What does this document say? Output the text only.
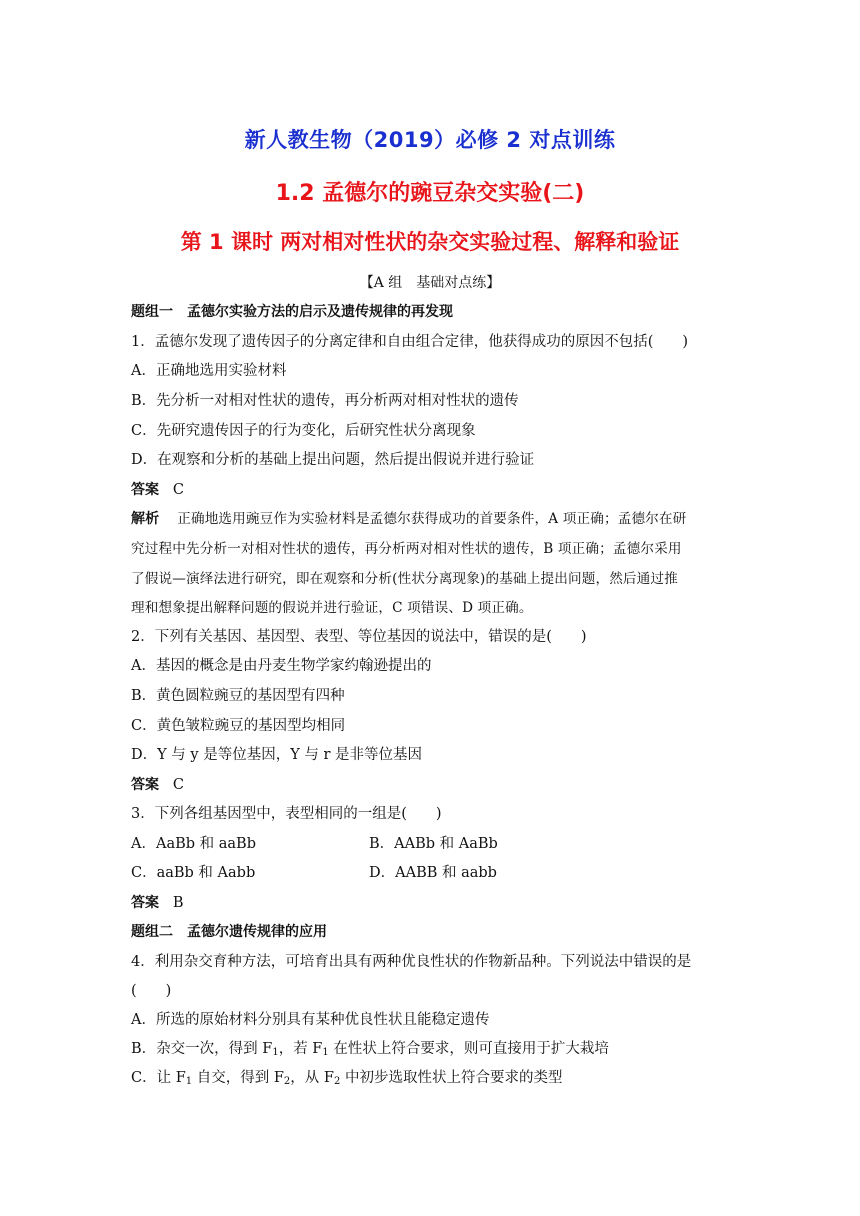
新人教生物（2019）必修 2 对点训练
1.2 孟德尔的豌豆杂交实验(二)
第 1 课时 两对相对性状的杂交实验过程、解释和验证
【A 组　基础对点练】
题组一　孟德尔实验方法的启示及遗传规律的再发现
1．孟德尔发现了遗传因子的分离定律和自由组合定律，他获得成功的原因不包括(　　)
A．正确地选用实验材料
B．先分析一对相对性状的遗传，再分析两对相对性状的遗传
C．先研究遗传因子的行为变化，后研究性状分离现象
D．在观察和分析的基础上提出问题，然后提出假说并进行验证
答案 C
解析 正确地选用豌豆作为实验材料是孟德尔获得成功的首要条件，A 项正确；孟德尔在研
究过程中先分析一对相对性状的遗传，再分析两对相对性状的遗传，B 项正确；孟德尔采用
了假说—演绎法进行研究，即在观察和分析(性状分离现象)的基础上提出问题，然后通过推
理和想象提出解释问题的假说并进行验证，C 项错误、D 项正确。
2．下列有关基因、基因型、表型、等位基因的说法中，错误的是(　　)
A．基因的概念是由丹麦生物学家约翰逊提出的
B．黄色圆粒豌豆的基因型有四种
C．黄色皱粒豌豆的基因型均相同
D．Y 与 y 是等位基因，Y 与 r 是非等位基因
答案 C
3．下列各组基因型中，表型相同的一组是(　　)
A．AaBb 和 aaBb	B．AABb 和 AaBb
C．aaBb 和 Aabb	D．AABB 和 aabb
答案 B
题组二　孟德尔遗传规律的应用
4．利用杂交育种方法，可培育出具有两种优良性状的作物新品种。下列说法中错误的是
(　　)
A．所选的原始材料分别具有某种优良性状且能稳定遗传
B．杂交一次，得到 $F_1$，若 $F_1$ 在性状上符合要求，则可直接用于扩大栽培
C．让 $F_1$ 自交，得到 $F_2$，从 $F_2$ 中初步选取性状上符合要求的类型
